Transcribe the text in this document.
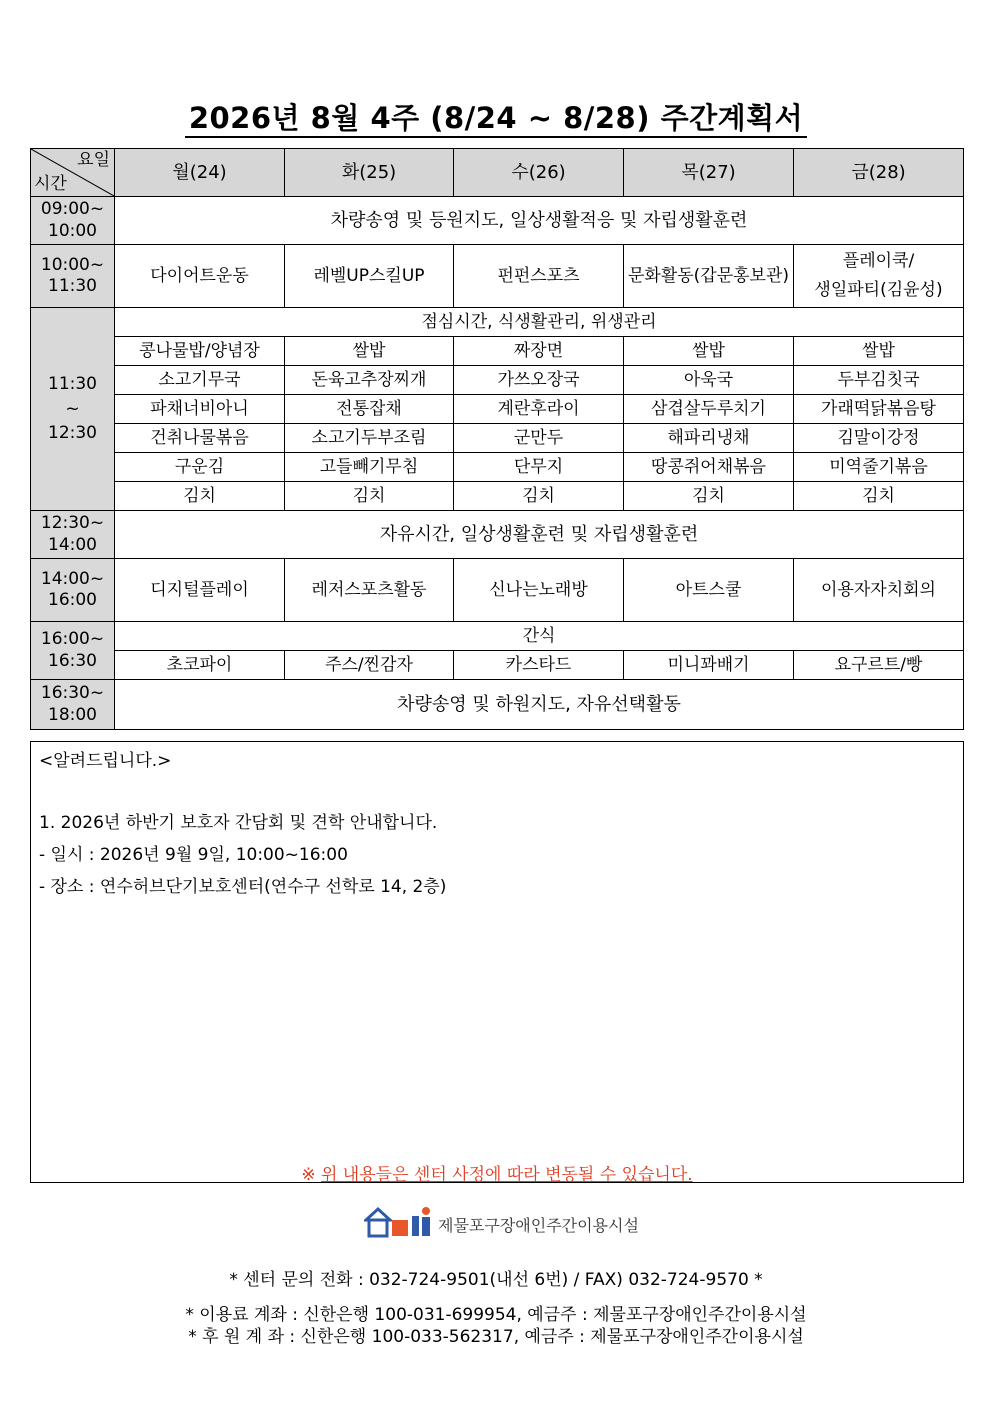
2026년 8월 4주 (8/24 ~ 8/28) 주간계획서
요일
시간	월(24)	화(25)	수(26)	목(27)	금(28)
09:00~
10:00	차량송영 및 등원지도, 일상생활적응 및 자립생활훈련				
10:00~
11:30	다이어트운동	레벨UP스킬UP	펀펀스포츠	문화활동(갑문홍보관)	플레이쿡/
생일파티(김윤성)
11:30
~
12:30	점심시간, 식생활관리, 위생관리				
	콩나물밥/양념장	쌀밥	짜장면	쌀밥	쌀밥
	소고기무국	돈육고추장찌개	가쓰오장국	아욱국	두부김칫국
	파채너비아니	전통잡채	계란후라이	삼겹살두루치기	가래떡닭볶음탕
	건취나물볶음	소고기두부조림	군만두	해파리냉채	김말이강정
	구운김	고들빼기무침	단무지	땅콩쥐어채볶음	미역줄기볶음
	김치	김치	김치	김치	김치
12:30~
14:00	자유시간, 일상생활훈련 및 자립생활훈련				
14:00~
16:00	디지털플레이	레저스포츠활동	신나는노래방	아트스쿨	이용자자치회의
16:00~
16:30	간식				
	초코파이	주스/찐감자	카스타드	미니꽈배기	요구르트/빵
16:30~
18:00	차량송영 및 하원지도, 자유선택활동				
<알려드립니다.>
1. 2026년 하반기 보호자 간담회 및 견학 안내합니다.
- 일시 : 2026년 9월 9일, 10:00~16:00
- 장소 : 연수허브단기보호센터(연수구 선학로 14, 2층)
※ 위 내용들은 센터 사정에 따라 변동될 수 있습니다.
제물포구장애인주간이용시설
* 센터 문의 전화 : 032-724-9501(내선 6번) / FAX) 032-724-9570 *
* 이용료 계좌 : 신한은행 100-031-699954, 예금주 : 제물포구장애인주간이용시설
* 후 원 계 좌 : 신한은행 100-033-562317, 예금주 : 제물포구장애인주간이용시설
